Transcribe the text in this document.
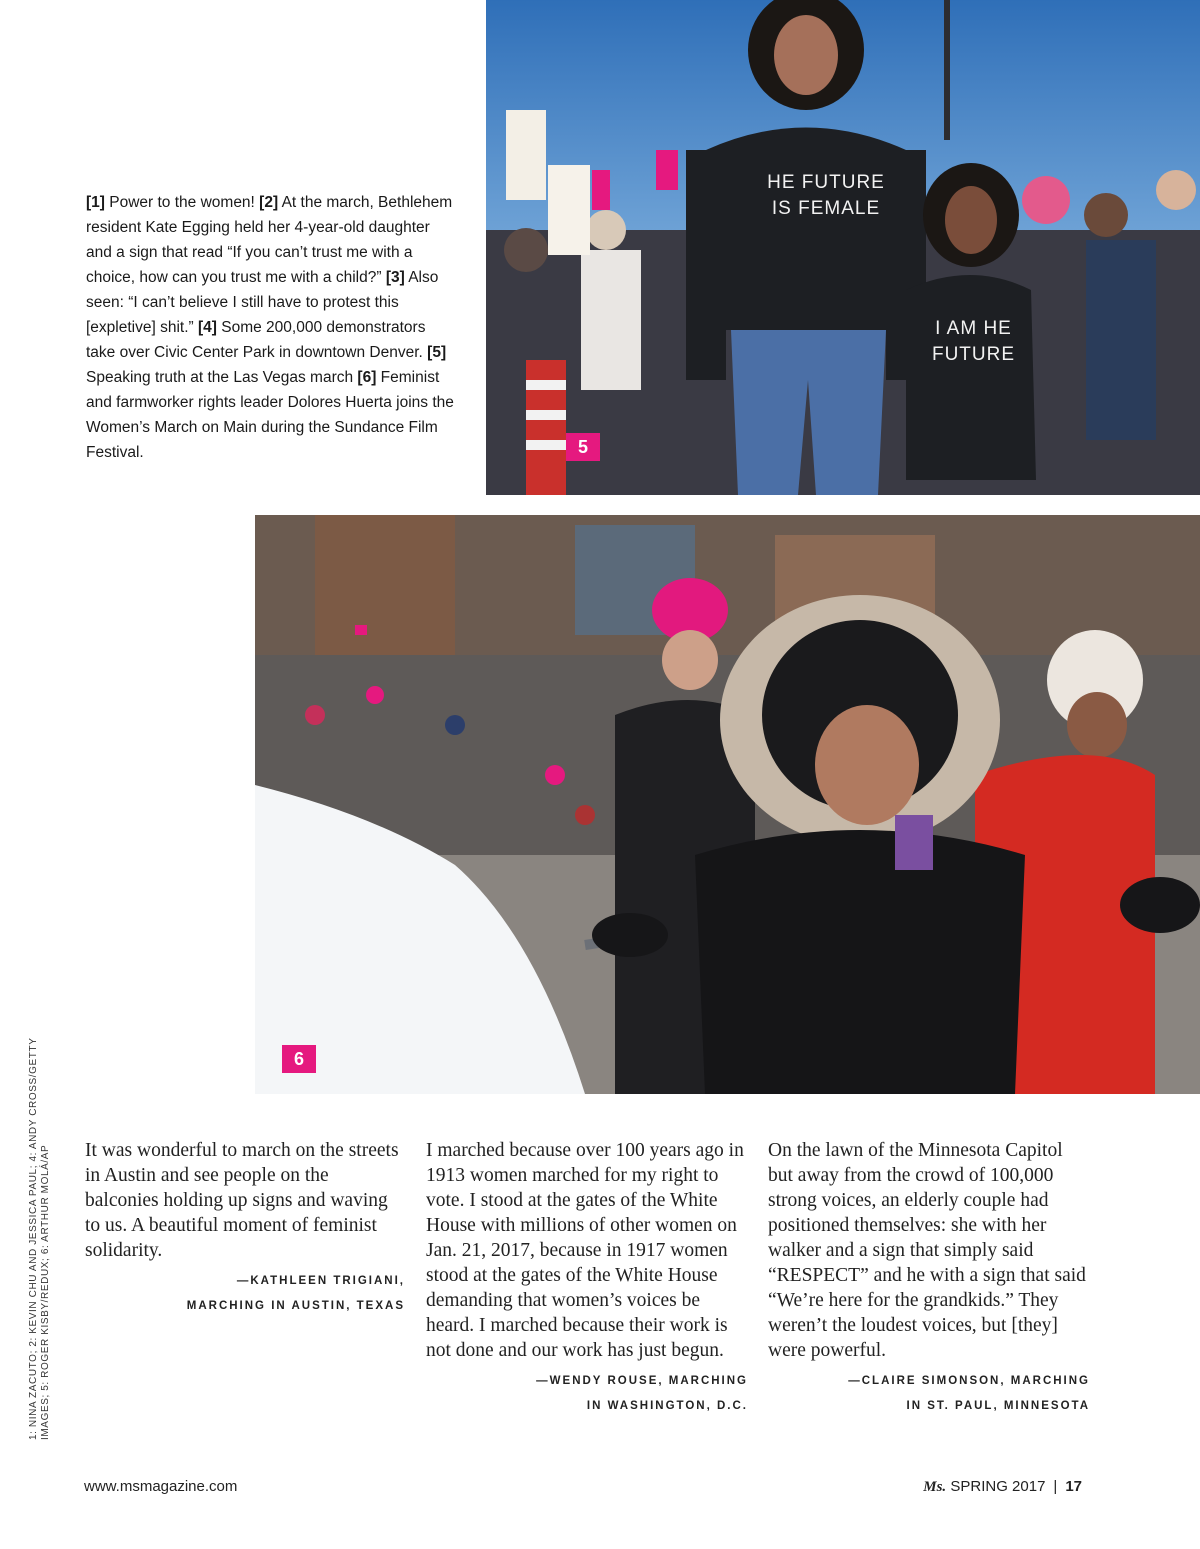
[1] Power to the women! [2] At the march, Bethlehem resident Kate Egging held her 4-year-old daughter and a sign that read “If you can’t trust me with a choice, how can you trust me with a child?” [3] Also seen: “I can’t believe I still have to protest this [expletive] shit.” [4] Some 200,000 demonstrators take over Civic Center Park in downtown Denver. [5] Speaking truth at the Las Vegas march [6] Feminist and farmworker rights leader Dolores Huerta joins the Women’s March on Main during the Sundance Film Festival.
HE FUTURE IS FEMALE
I AM HE FUTURE
5
6
1: NINA ZACUTO; 2: KEVIN CHU AND JESSICA PAUL; 4: ANDY CROSS/GETTY IMAGES; 5: ROGER KISBY/REDUX; 6: ARTHUR MOLÁ/AP It was wonderful to march on the streets in Austin and see people on the balconies holding up signs and waving to us. A beautiful moment of feminist solidarity.

—KATHLEEN TRIGIANI,
MARCHING IN AUSTIN, TEXAS

I marched because over 100 years ago in 1913 women marched for my right to vote. I stood at the gates of the White House with millions of other women on Jan. 21, 2017, because in 1917 women stood at the gates of the White House demanding that women’s voices be heard. I marched because their work is not done and our work has just begun.

—WENDY ROUSE, MARCHING
IN WASHINGTON, D.C.

On the lawn of the Minnesota Capitol but away from the crowd of 100,000 strong voices, an elderly couple had positioned themselves: she with her walker and a sign that simply said “RESPECT” and he with a sign that said “We’re here for the grandkids.” They weren’t the loudest voices, but [they] were powerful.

—CLAIRE SIMONSON, MARCHING
IN ST. PAUL, MINNESOTA
www.msmagazine.com	Ms. SPRING 2017 | 17
